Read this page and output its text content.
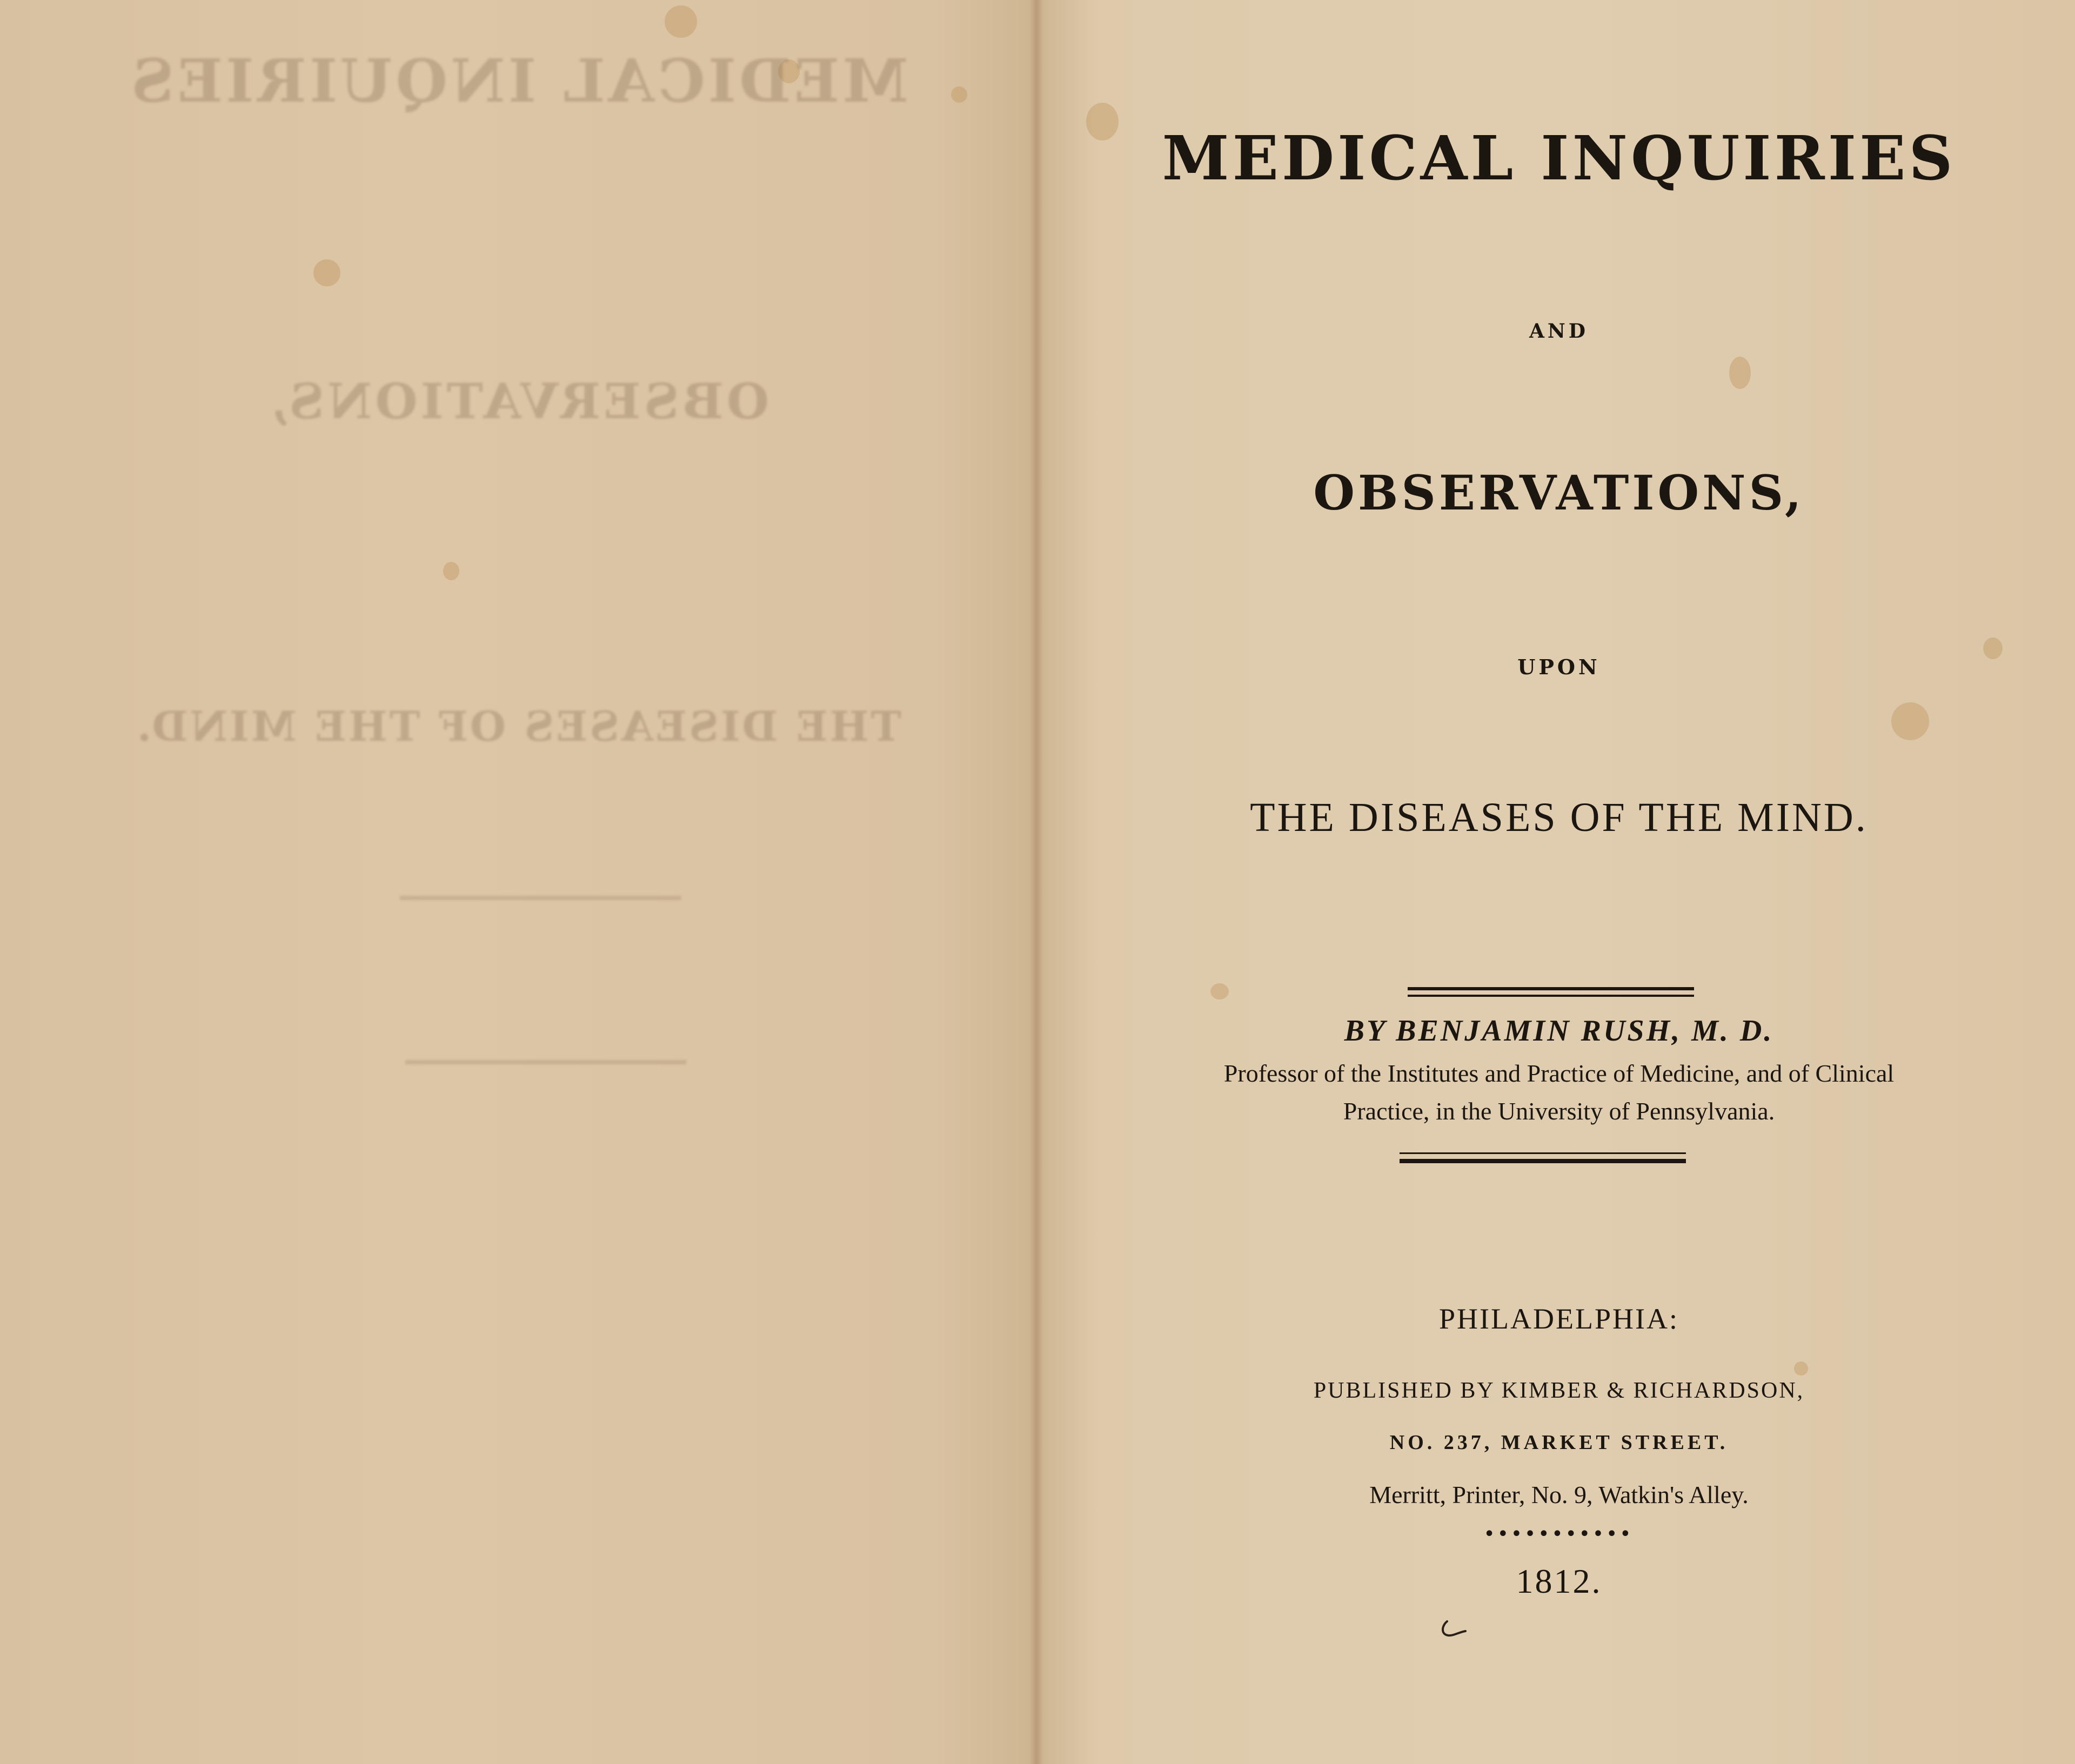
MEDICAL INQUIRIES
OBSERVATIONS,
THE DISEASES OF THE MIND.
MEDICAL INQUIRIES
AND
OBSERVATIONS,
UPON
THE DISEASES OF THE MIND.
BY BENJAMIN RUSH, M. D.
Professor of the Institutes and Practice of Medicine, and of Clinical
Practice, in the University of Pennsylvania.
PHILADELPHIA:
PUBLISHED BY KIMBER & RICHARDSON,
NO. 237, MARKET STREET.
Merritt, Printer, No. 9, Watkin's Alley.
•••••••••••
1812.
